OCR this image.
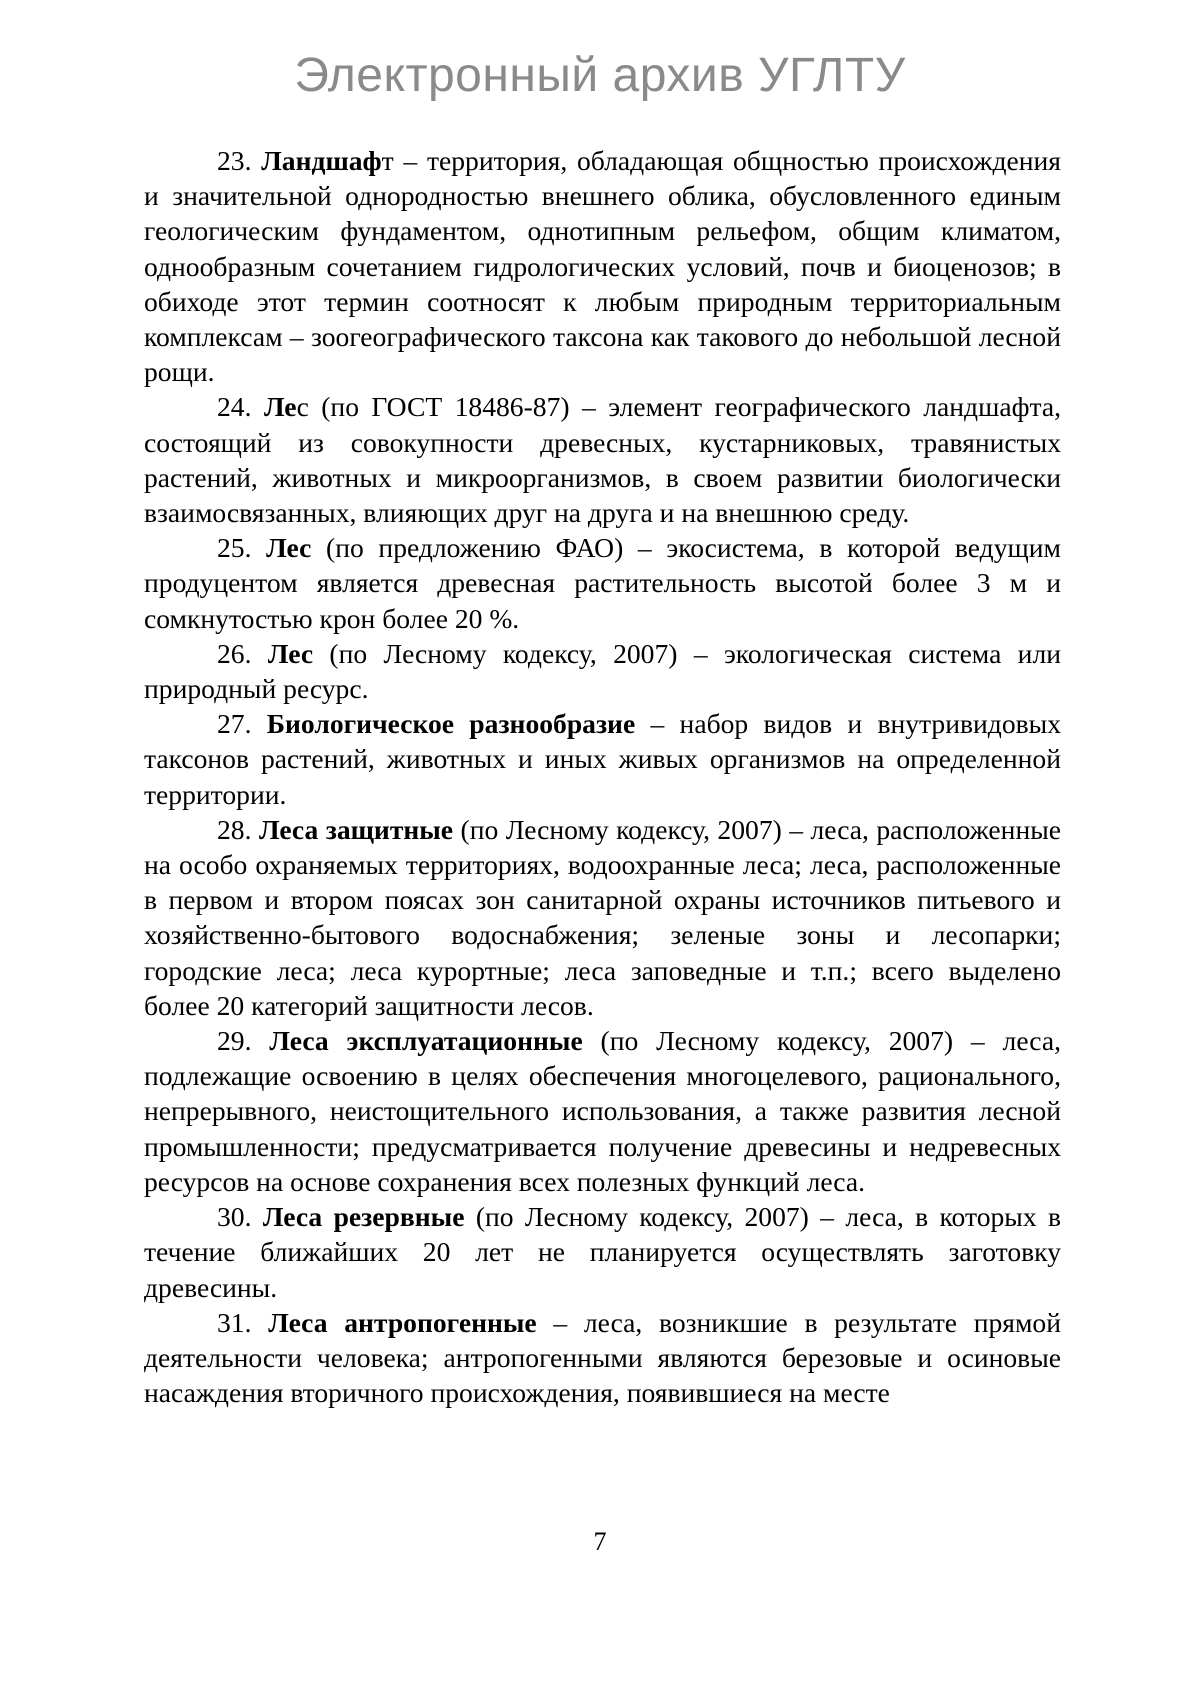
Электронный архив УГЛТУ

23. Ландшафт – территория, обладающая общностью происхождения и значительной однородностью внешнего облика, обусловленного единым геологическим фундаментом, однотипным рельефом, общим климатом, однообразным сочетанием гидрологических условий, почв и биоценозов; в обиходе этот термин соотносят к любым природным территориальным комплексам – зоогеографического таксона как такового до небольшой лесной рощи.

24. Лес (по ГОСТ 18486-87) – элемент географического ландшафта, состоящий из совокупности древесных, кустарниковых, травянистых растений, животных и микроорганизмов, в своем развитии биологически взаимосвязанных, влияющих друг на друга и на внешнюю среду.

25. Лес (по предложению ФАО) – экосистема, в которой ведущим продуцентом является древесная растительность высотой более 3 м и сомкнутостью крон более 20 %.

26. Лес (по Лесному кодексу, 2007) – экологическая система или природный ресурс.

27. Биологическое разнообразие – набор видов и внутривидовых таксонов растений, животных и иных живых организмов на определенной территории.

28. Леса защитные (по Лесному кодексу, 2007) – леса, расположенные на особо охраняемых территориях, водоохранные леса; леса, расположенные в первом и втором поясах зон санитарной охраны источников питьевого и хозяйственно-бытового водоснабжения; зеленые зоны и лесопарки; городские леса; леса курортные; леса заповедные и т.п.; всего выделено более 20 категорий защитности лесов.

29. Леса эксплуатационные (по Лесному кодексу, 2007) – леса, подлежащие освоению в целях обеспечения многоцелевого, рационального, непрерывного, неистощительного использования, а также развития лесной промышленности; предусматривается получение древесины и недревесных ресурсов на основе сохранения всех полезных функций леса.

30. Леса резервные (по Лесному кодексу, 2007) – леса, в которых в течение ближайших 20 лет не планируется осуществлять заготовку древесины.

31. Леса антропогенные – леса, возникшие в результате прямой деятельности человека; антропогенными являются березовые и осиновые насаждения вторичного происхождения, появившиеся на месте

7
